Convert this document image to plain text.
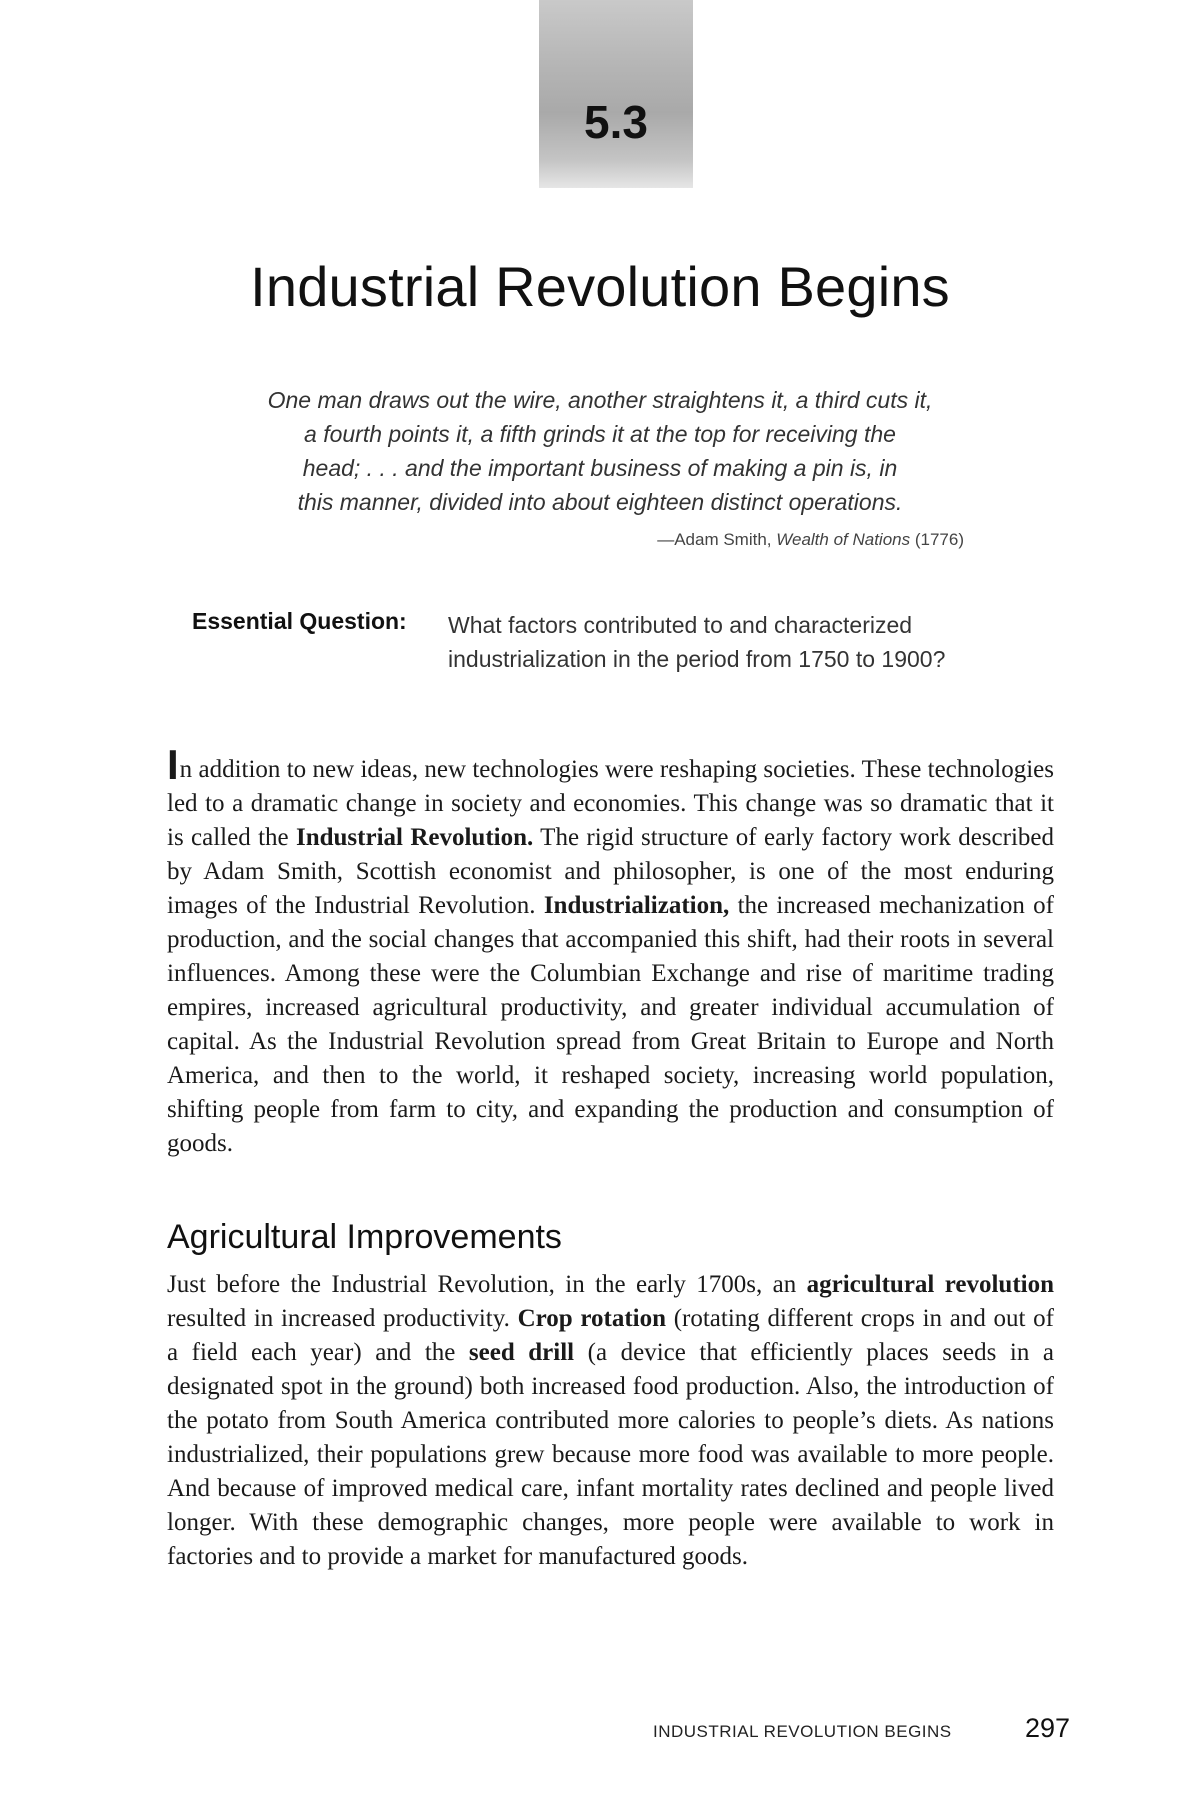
5.3
Industrial Revolution Begins

One man draws out the wire, another straightens it, a third cuts it,
a fourth points it, a fifth grinds it at the top for receiving the
head; . . . and the important business of making a pin is, in
this manner, divided into about eighteen distinct operations.

—Adam Smith, Wealth of Nations (1776)
Essential Question: What factors contributed to and characterized industrialization in the period from 1750 to 1900?

In addition to new ideas, new technologies were reshaping societies. These technologies led to a dramatic change in society and economies. This change was so dramatic that it is called the Industrial Revolution. The rigid structure of early factory work described by Adam Smith, Scottish economist and philosopher, is one of the most enduring images of the Industrial Revolution. Industrialization, the increased mechanization of production, and the social changes that accompanied this shift, had their roots in several influences. Among these were the Columbian Exchange and rise of maritime trading empires, increased agricultural productivity, and greater individual accumulation of capital. As the Industrial Revolution spread from Great Britain to Europe and North America, and then to the world, it reshaped society, increasing world population, shifting people from farm to city, and expanding the production and consumption of goods.

Agricultural Improvements

Just before the Industrial Revolution, in the early 1700s, an agricultural revolution resulted in increased productivity. Crop rotation (rotating different crops in and out of a field each year) and the seed drill (a device that efficiently places seeds in a designated spot in the ground) both increased food production. Also, the introduction of the potato from South America contributed more calories to people’s diets. As nations industrialized, their populations grew because more food was available to more people. And because of improved medical care, infant mortality rates declined and people lived longer. With these demographic changes, more people were available to work in factories and to provide a market for manufactured goods.

INDUSTRIAL REVOLUTION BEGINS	297
